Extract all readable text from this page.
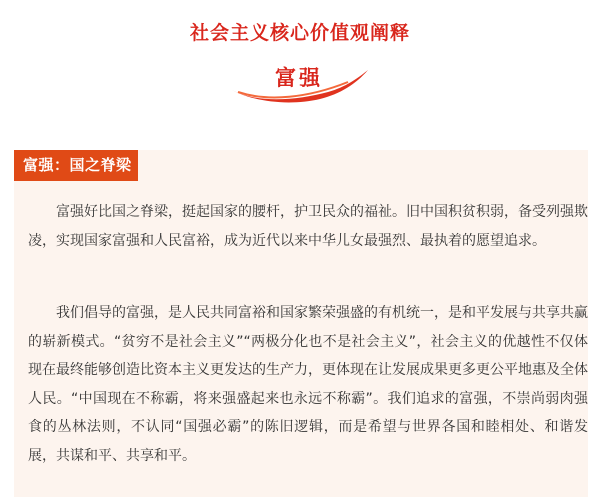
社会主义核心价值观阐释
富强
富强：国之脊梁

富强好比国之脊梁，挺起国家的腰杆，护卫民众的福祉。旧中国积贫积弱，备受列强欺凌，实现国家富强和人民富裕，成为近代以来中华儿女最强烈、最执着的愿望追求。

我们倡导的富强，是人民共同富裕和国家繁荣强盛的有机统一，是和平发展与共享共赢的崭新模式。“贫穷不是社会主义”“两极分化也不是社会主义”，社会主义的优越性不仅体现在最终能够创造比资本主义更发达的生产力，更体现在让发展成果更多更公平地惠及全体人民。“中国现在不称霸，将来强盛起来也永远不称霸”。我们追求的富强，不崇尚弱肉强食的丛林法则，不认同“国强必霸”的陈旧逻辑，而是希望与世界各国和睦相处、和谐发展，共谋和平、共享和平。
